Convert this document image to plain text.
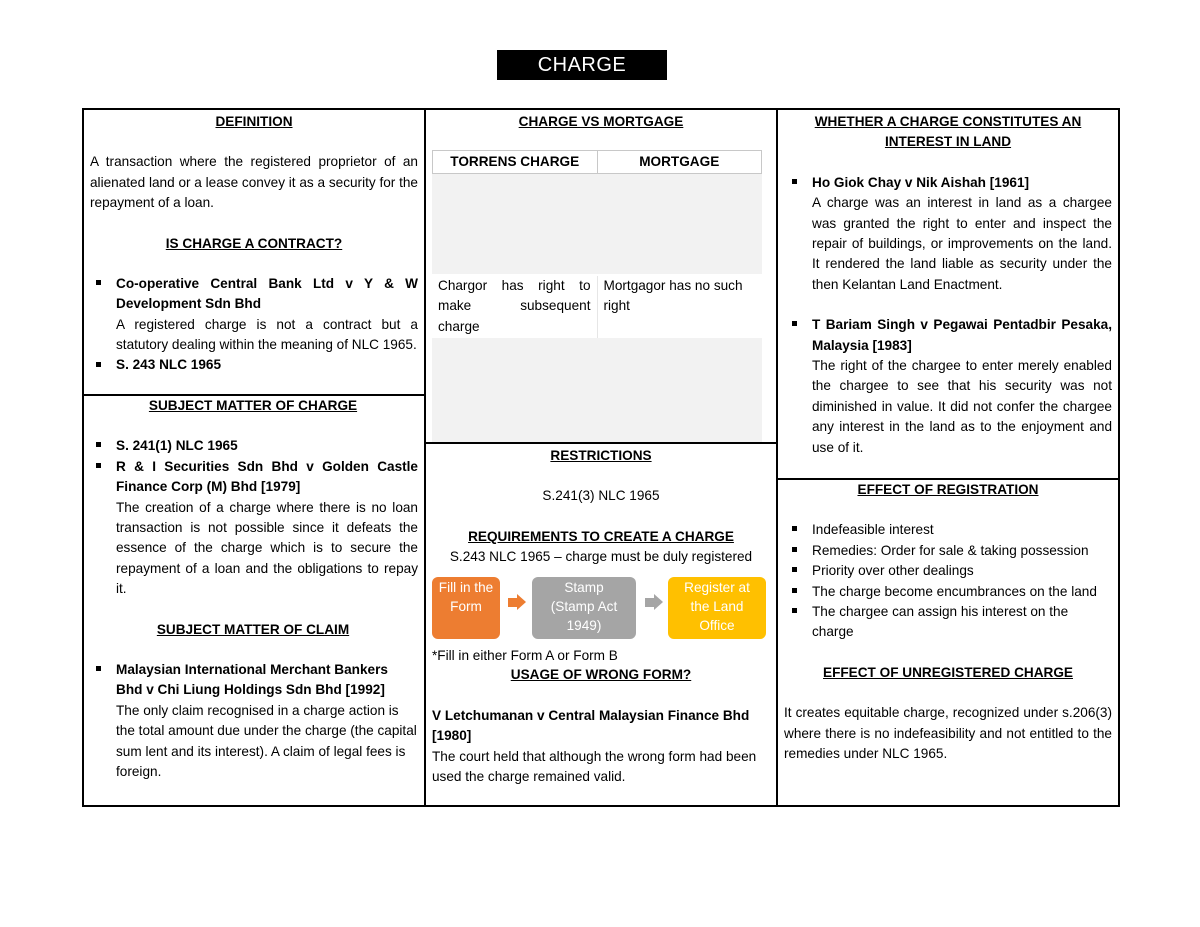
CHARGE
DEFINITION
A transaction where the registered proprietor of an alienated land or a lease convey it as a security for the repayment of a loan.
IS CHARGE A CONTRACT?
Co-operative Central Bank Ltd v Y & W Development Sdn Bhd
A registered charge is not a contract but a statutory dealing within the meaning of NLC 1965.
S. 243 NLC 1965
SUBJECT MATTER OF CHARGE
S. 241(1) NLC 1965
R & I Securities Sdn Bhd v Golden Castle Finance Corp (M) Bhd [1979]
The creation of a charge where there is no loan transaction is not possible since it defeats the essence of the charge which is to secure the repayment of a loan and the obligations to repay it.
SUBJECT MATTER OF CLAIM
Malaysian International Merchant Bankers Bhd v Chi Liung Holdings Sdn Bhd [1992]
The only claim recognised in a charge action is the total amount due under the charge (the capital sum lent and its interest). A claim of legal fees is foreign.
CHARGE VS MORTGAGE
TORRENS CHARGE	MORTGAGE
Chargor has right to make subsequent charge
Mortgagor has no such right
RESTRICTIONS
S.241(3) NLC 1965
REQUIREMENTS TO CREATE A CHARGE
S.243 NLC 1965 – charge must be duly registered
Fill in the Form
Stamp (Stamp Act 1949)
Register at the Land Office
*Fill in either Form A or Form B
USAGE OF WRONG FORM?
V Letchumanan v Central Malaysian Finance Bhd [1980]
The court held that although the wrong form had been used the charge remained valid.
WHETHER A CHARGE CONSTITUTES AN INTEREST IN LAND
Ho Giok Chay v Nik Aishah [1961]
A charge was an interest in land as a chargee was granted the right to enter and inspect the repair of buildings, or improvements on the land. It rendered the land liable as security under the then Kelantan Land Enactment.
T Bariam Singh v Pegawai Pentadbir Pesaka, Malaysia [1983]
The right of the chargee to enter merely enabled the chargee to see that his security was not diminished in value. It did not confer the chargee any interest in the land as to the enjoyment and use of it.
EFFECT OF REGISTRATION
Indefeasible interest
Remedies: Order for sale & taking possession
Priority over other dealings
The charge become encumbrances on the land
The chargee can assign his interest on the charge
EFFECT OF UNREGISTERED CHARGE
It creates equitable charge, recognized under s.206(3) where there is no indefeasibility and not entitled to the remedies under NLC 1965.
